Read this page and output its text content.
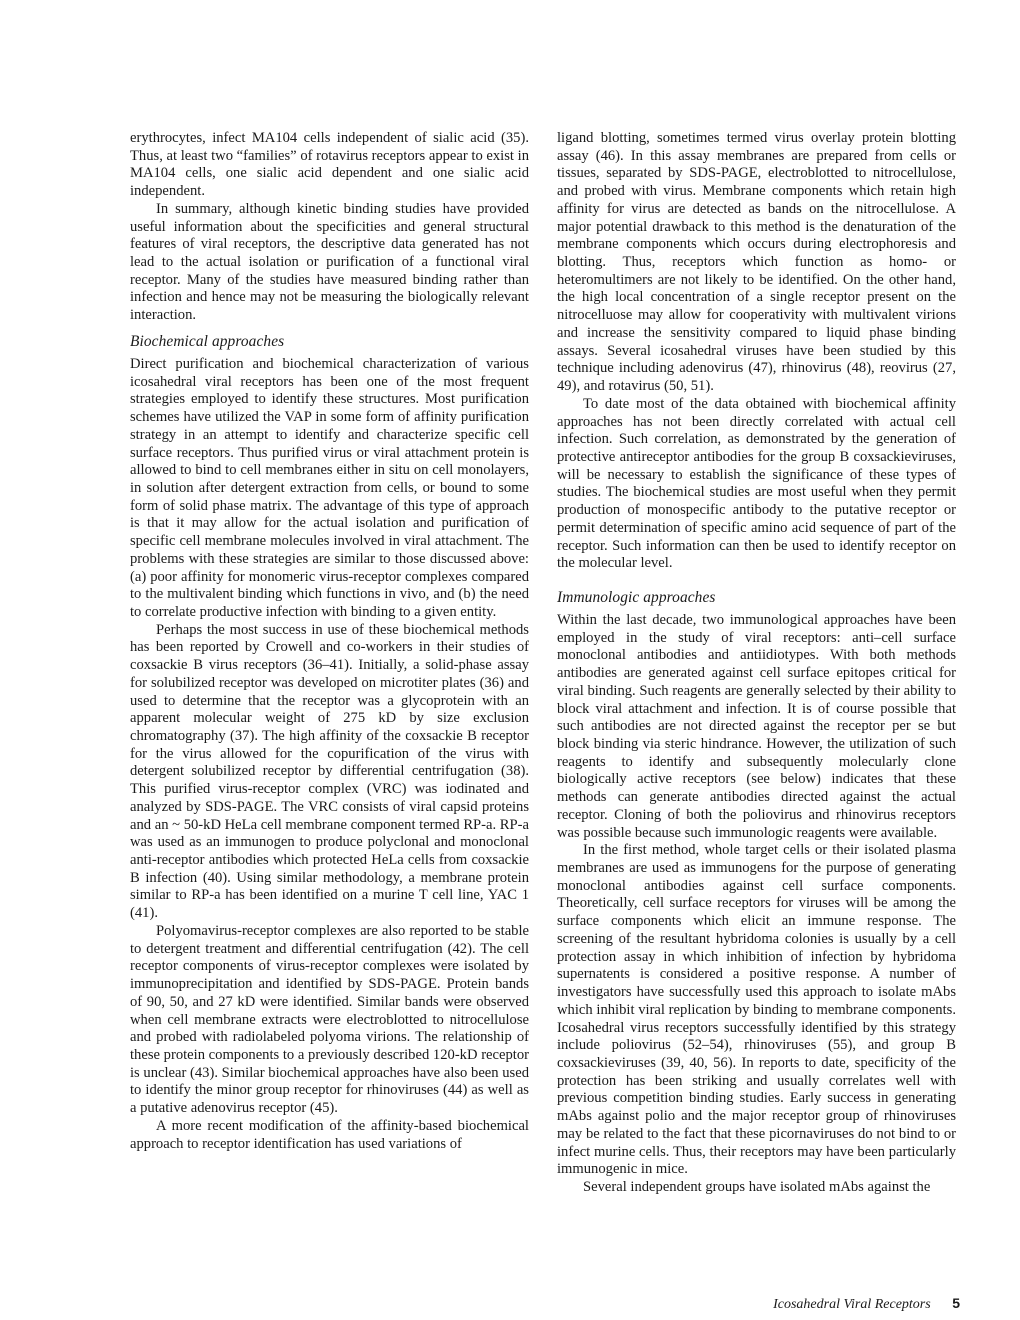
erythrocytes, infect MA104 cells independent of sialic acid (35). Thus, at least two “families” of rotavirus receptors appear to exist in MA104 cells, one sialic acid dependent and one sialic acid independent.

In summary, although kinetic binding studies have provided useful information about the specificities and general structural features of viral receptors, the descriptive data generated has not lead to the actual isolation or purification of a functional viral receptor. Many of the studies have measured binding rather than infection and hence may not be measuring the biologically relevant interaction.

Biochemical approaches

Direct purification and biochemical characterization of various icosahedral viral receptors has been one of the most frequent strategies employed to identify these structures. Most purification schemes have utilized the VAP in some form of affinity purification strategy in an attempt to identify and characterize specific cell surface receptors. Thus purified virus or viral attachment protein is allowed to bind to cell membranes either in situ on cell monolayers, in solution after detergent extraction from cells, or bound to some form of solid phase matrix. The advantage of this type of approach is that it may allow for the actual isolation and purification of specific cell membrane molecules involved in viral attachment. The problems with these strategies are similar to those discussed above: (a) poor affinity for monomeric virus-receptor complexes compared to the multivalent binding which functions in vivo, and (b) the need to correlate productive infection with binding to a given entity.

Perhaps the most success in use of these biochemical methods has been reported by Crowell and co-workers in their studies of coxsackie B virus receptors (36–41). Initially, a solid-phase assay for solubilized receptor was developed on microtiter plates (36) and used to determine that the receptor was a glycoprotein with an apparent molecular weight of 275 kD by size exclusion chromatography (37). The high affinity of the coxsackie B receptor for the virus allowed for the copurification of the virus with detergent solubilized receptor by differential centrifugation (38). This purified virus-receptor complex (VRC) was iodinated and analyzed by SDS-PAGE. The VRC consists of viral capsid proteins and an ~ 50-kD HeLa cell membrane component termed RP-a. RP-a was used as an immunogen to produce polyclonal and monoclonal anti-receptor antibodies which protected HeLa cells from coxsackie B infection (40). Using similar methodology, a membrane protein similar to RP-a has been identified on a murine T cell line, YAC 1 (41).

Polyomavirus-receptor complexes are also reported to be stable to detergent treatment and differential centrifugation (42). The cell receptor components of virus-receptor complexes were isolated by immunoprecipitation and identified by SDS-PAGE. Protein bands of 90, 50, and 27 kD were identified. Similar bands were observed when cell membrane extracts were electroblotted to nitrocellulose and probed with radiolabeled polyoma virions. The relationship of these protein components to a previously described 120-kD receptor is unclear (43). Similar biochemical approaches have also been used to identify the minor group receptor for rhinoviruses (44) as well as a putative adenovirus receptor (45).

A more recent modification of the affinity-based biochemical approach to receptor identification has used variations of

ligand blotting, sometimes termed virus overlay protein blotting assay (46). In this assay membranes are prepared from cells or tissues, separated by SDS-PAGE, electroblotted to nitrocellulose, and probed with virus. Membrane components which retain high affinity for virus are detected as bands on the nitrocellulose. A major potential drawback to this method is the denaturation of the membrane components which occurs during electrophoresis and blotting. Thus, receptors which function as homo- or heteromultimers are not likely to be identified. On the other hand, the high local concentration of a single receptor present on the nitrocelluose may allow for cooperativity with multivalent virions and increase the sensitivity compared to liquid phase binding assays. Several icosahedral viruses have been studied by this technique including adenovirus (47), rhinovirus (48), reovirus (27, 49), and rotavirus (50, 51).

To date most of the data obtained with biochemical affinity approaches has not been directly correlated with actual cell infection. Such correlation, as demonstrated by the generation of protective antireceptor antibodies for the group B coxsackieviruses, will be necessary to establish the significance of these types of studies. The biochemical studies are most useful when they permit production of monospecific antibody to the putative receptor or permit determination of specific amino acid sequence of part of the receptor. Such information can then be used to identify receptor on the molecular level.

Immunologic approaches

Within the last decade, two immunological approaches have been employed in the study of viral receptors: anti–cell surface monoclonal antibodies and antiidiotypes. With both methods antibodies are generated against cell surface epitopes critical for viral binding. Such reagents are generally selected by their ability to block viral attachment and infection. It is of course possible that such antibodies are not directed against the receptor per se but block binding via steric hindrance. However, the utilization of such reagents to identify and subsequently molecularly clone biologically active receptors (see below) indicates that these methods can generate antibodies directed against the actual receptor. Cloning of both the poliovirus and rhinovirus receptors was possible because such immunologic reagents were available.

In the first method, whole target cells or their isolated plasma membranes are used as immunogens for the purpose of generating monoclonal antibodies against cell surface components. Theoretically, cell surface receptors for viruses will be among the surface components which elicit an immune response. The screening of the resultant hybridoma colonies is usually by a cell protection assay in which inhibition of infection by hybridoma supernatents is considered a positive response. A number of investigators have successfully used this approach to isolate mAbs which inhibit viral replication by binding to membrane components. Icosahedral virus receptors successfully identified by this strategy include poliovirus (52–54), rhinoviruses (55), and group B coxsackieviruses (39, 40, 56). In reports to date, specificity of the protection has been striking and usually correlates well with previous competition binding studies. Early success in generating mAbs against polio and the major receptor group of rhinoviruses may be related to the fact that these picornaviruses do not bind to or infect murine cells. Thus, their receptors may have been particularly immunogenic in mice.

Several independent groups have isolated mAbs against the

Icosahedral Viral Receptors 5
